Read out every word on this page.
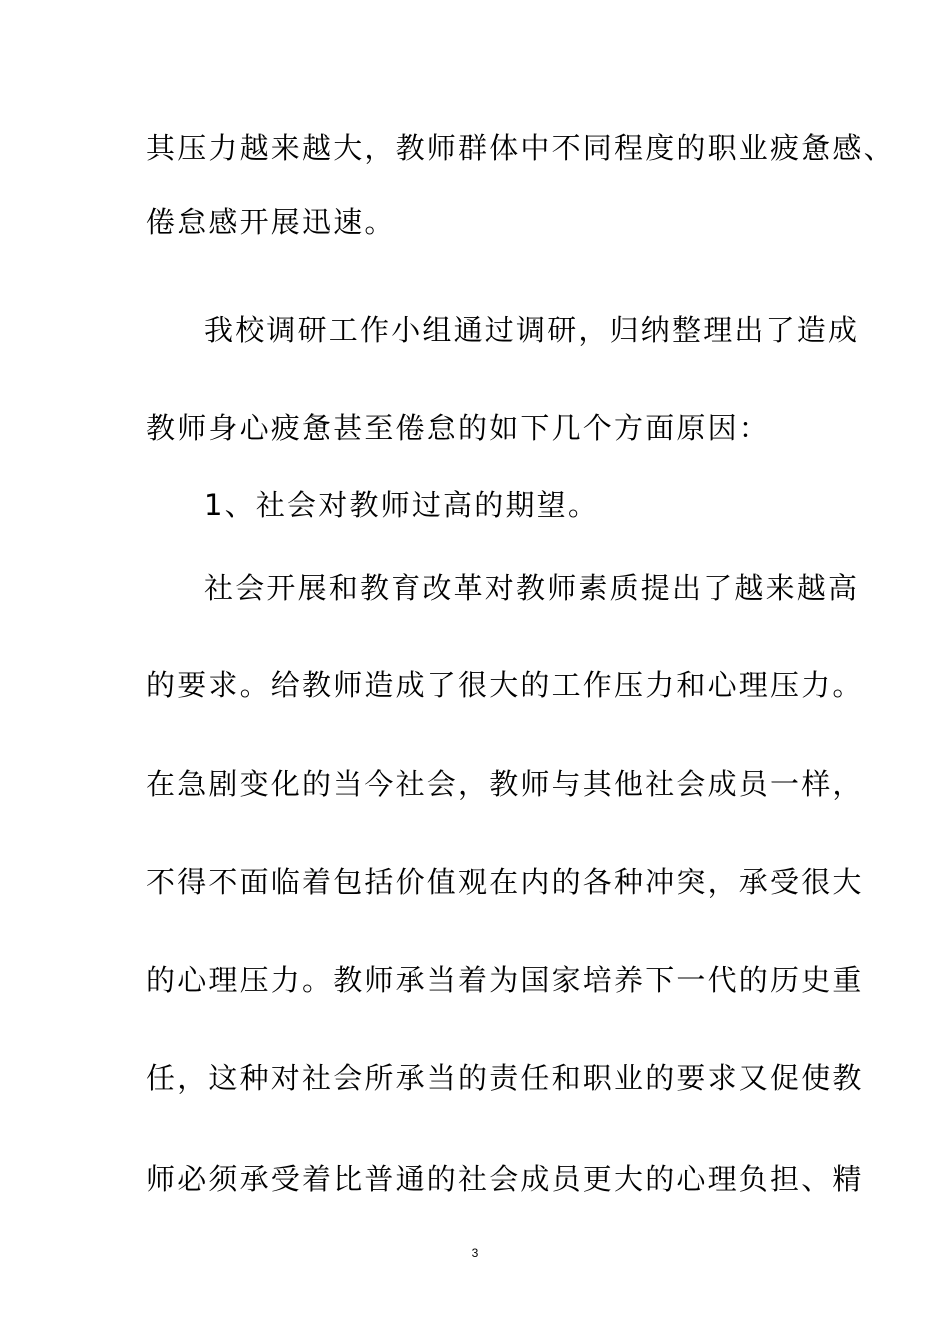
其压力越来越大，教师群体中不同程度的职业疲惫感、
倦怠感开展迅速。
我校调研工作小组通过调研，归纳整理出了造成
教师身心疲惫甚至倦怠的如下几个方面原因：
1、社会对教师过高的期望。
社会开展和教育改革对教师素质提出了越来越高
的要求。给教师造成了很大的工作压力和心理压力。
在急剧变化的当今社会，教师与其他社会成员一样，
不得不面临着包括价值观在内的各种冲突，承受很大
的心理压力。教师承当着为国家培养下一代的历史重
任，这种对社会所承当的责任和职业的要求又促使教
师必须承受着比普通的社会成员更大的心理负担、精
3
